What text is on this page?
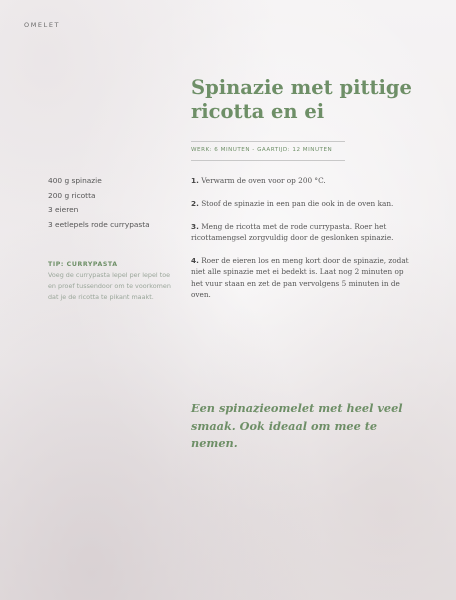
OMELET
Spinazie met pittige ricotta en ei
WERK: 6 MINUTEN - GAARTIJD: 12 MINUTEN
400 g spinazie
200 g ricotta
3 eieren
3 eetlepels rode currypasta
TIP: CURRYPASTA
Voeg de currypasta lepel per lepel toe en proef tussendoor om te voorkomen dat je de ricotta te pikant maakt.

1. Verwarm de oven voor op 200 °C.

2. Stoof de spinazie in een pan die ook in de oven kan.

3. Meng de ricotta met de rode currypasta. Roer het ricottamengsel zorgvuldig door de geslonken spinazie.

4. Roer de eieren los en meng kort door de spinazie, zodat niet alle spinazie met ei bedekt is. Laat nog 2 minuten op het vuur staan en zet de pan vervolgens 5 minuten in de oven.

Een spinazieomelet met heel veel smaak. Ook ideaal om mee te nemen.
